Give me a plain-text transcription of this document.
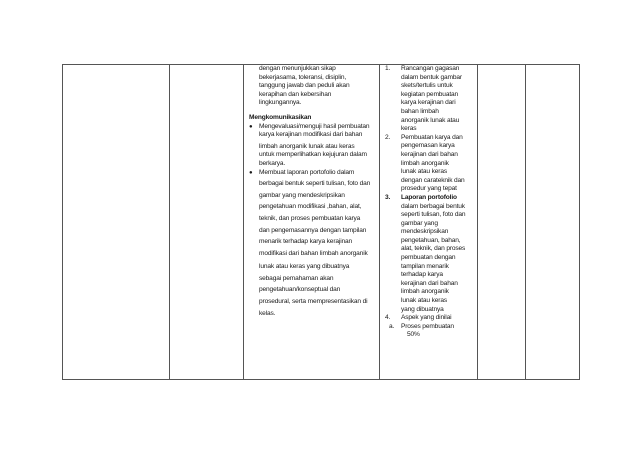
dengan menunjukkan sikap
bekerjasama, toleransi, disiplin,
tanggung jawab dan peduli akan
kerapihan dan kebersihan
lingkungannya.
Mengkomunikasikan
● Mengevaluasi/menguji hasil pembuatan
karya kerajinan modifikasi dari bahan
limbah anorganik lunak atau keras
untuk memperlihatkan kejujuran dalam
berkarya.
● Membuat laporan portofolio dalam
berbagai bentuk seperti tulisan, foto dan
gambar yang mendeskripsikan
pengetahuan modifikasi ,bahan, alat,
teknik, dan proses pembuatan karya
dan pengemasannya dengan tampilan
menarik terhadap karya kerajinan
modifikasi dari bahan limbah anorganik
lunak atau keras yang dibuatnya
sebagai pemahaman akan
pengetahuan/konseptual dan
prosedural, serta mempresentasikan di
kelas.
1. Rancangan gagasan
dalam bentuk gambar
skets/tertulis untuk
kegiatan pembuatan
karya kerajinan dari
bahan limbah
anorganik lunak atau
keras
2. Pembuatan karya dan
pengemasan karya
kerajinan dari bahan
limbah anorganik
lunak atau keras
dengan carateknik dan
prosedur yang tepat
3. Laporan portofolio
dalam berbagai bentuk
seperti tulisan, foto dan
gambar yang
mendeskripsikan
pengetahuan, bahan,
alat, teknik, dan proses
pembuatan dengan
tampilan menarik
terhadap karya
kerajinan dari bahan
limbah anorganik
lunak atau keras
yang dibuatnya
4. Aspek yang dinilai
a. Proses pembuatan
50%
